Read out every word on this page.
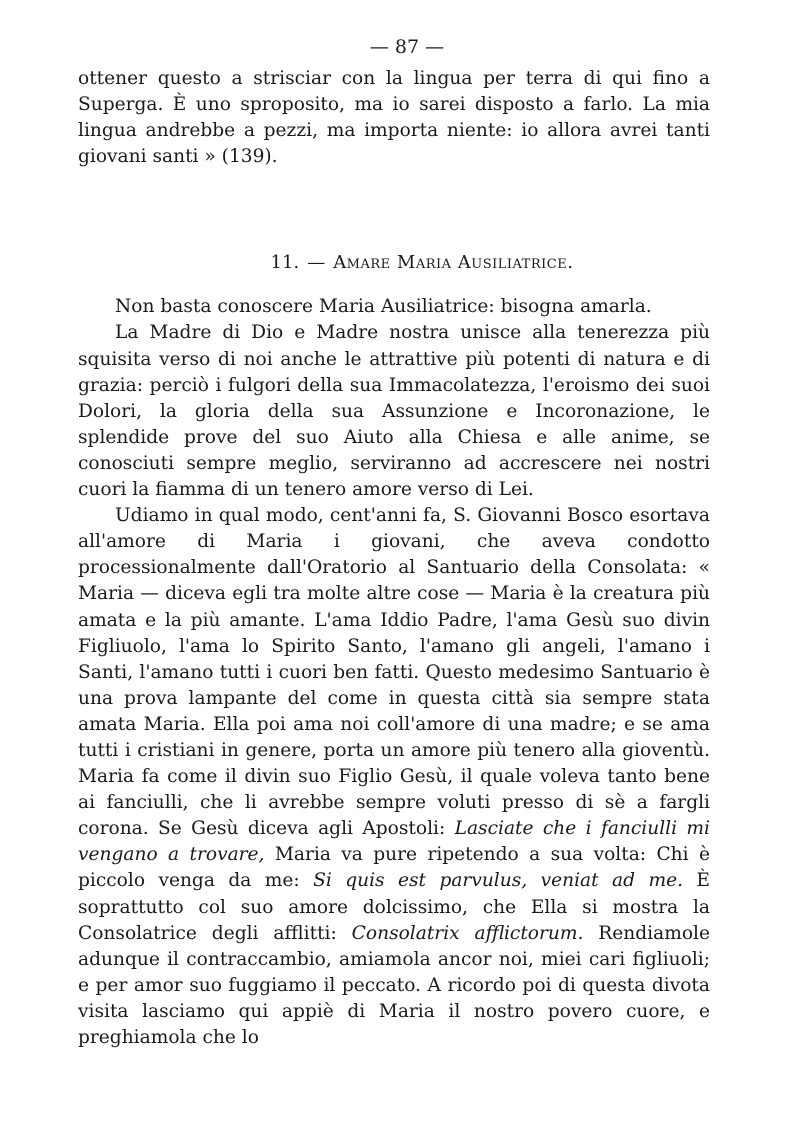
— 87 —

ottener questo a strisciar con la lingua per terra di qui fino a Superga. È uno sproposito, ma io sarei disposto a farlo. La mia lingua andrebbe a pezzi, ma importa niente: io allora avrei tanti giovani santi » (139).

11. — Amare Maria Ausiliatrice.

Non basta conoscere Maria Ausiliatrice: bisogna amarla.

La Madre di Dio e Madre nostra unisce alla tenerezza più squisita verso di noi anche le attrattive più potenti di natura e di grazia: perciò i fulgori della sua Immacolatezza, l'eroismo dei suoi Dolori, la gloria della sua Assunzione e Incoronazione, le splendide prove del suo Aiuto alla Chiesa e alle anime, se conosciuti sempre meglio, serviranno ad accrescere nei nostri cuori la fiamma di un tenero amore verso di Lei.

Udiamo in qual modo, cent'anni fa, S. Giovanni Bosco esortava all'amore di Maria i giovani, che aveva condotto processionalmente dall'Oratorio al Santuario della Consolata: « Maria — diceva egli tra molte altre cose — Maria è la creatura più amata e la più amante. L'ama Iddio Padre, l'ama Gesù suo divin Figliuolo, l'ama lo Spirito Santo, l'amano gli angeli, l'amano i Santi, l'amano tutti i cuori ben fatti. Questo medesimo Santuario è una prova lampante del come in questa città sia sempre stata amata Maria. Ella poi ama noi coll'amore di una madre; e se ama tutti i cristiani in genere, porta un amore più tenero alla gioventù. Maria fa come il divin suo Figlio Gesù, il quale voleva tanto bene ai fanciulli, che li avrebbe sempre voluti presso di sè a fargli corona. Se Gesù diceva agli Apostoli: Lasciate che i fanciulli mi vengano a trovare, Maria va pure ripetendo a sua volta: Chi è piccolo venga da me: Si quis est parvulus, veniat ad me. È soprattutto col suo amore dolcissimo, che Ella si mostra la Consolatrice degli afflitti: Consolatrix afflictorum. Rendiamole adunque il contraccambio, amiamola ancor noi, miei cari figliuoli; e per amor suo fuggiamo il peccato. A ricordo poi di questa divota visita lasciamo qui appiè di Maria il nostro povero cuore, e preghiamola che lo
